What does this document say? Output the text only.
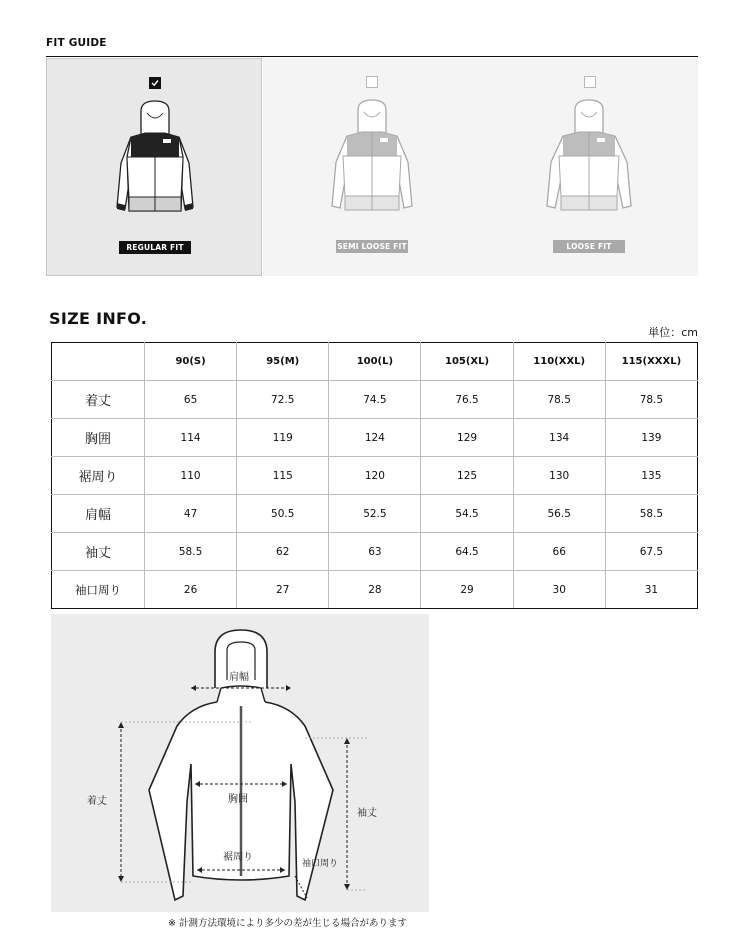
FIT GUIDE
REGULAR FIT	SEMI LOOSE FIT	LOOSE FIT
SIZE INFO.
単位：cm
	90(S)	95(M)	100(L)	105(XL)	110(XXL)	115(XXXL)
着丈	65	72.5	74.5	76.5	78.5	78.5
胸囲	114	119	124	129	134	139
裾周り	110	115	120	125	130	135
肩幅	47	50.5	52.5	54.5	56.5	58.5
袖丈	58.5	62	63	64.5	66	67.5
袖口周り	26	27	28	29	30	31
肩幅
着丈	胸囲
袖丈
裾周り
袖口周り
※ 計測方法環境により多少の差が生じる場合があります
